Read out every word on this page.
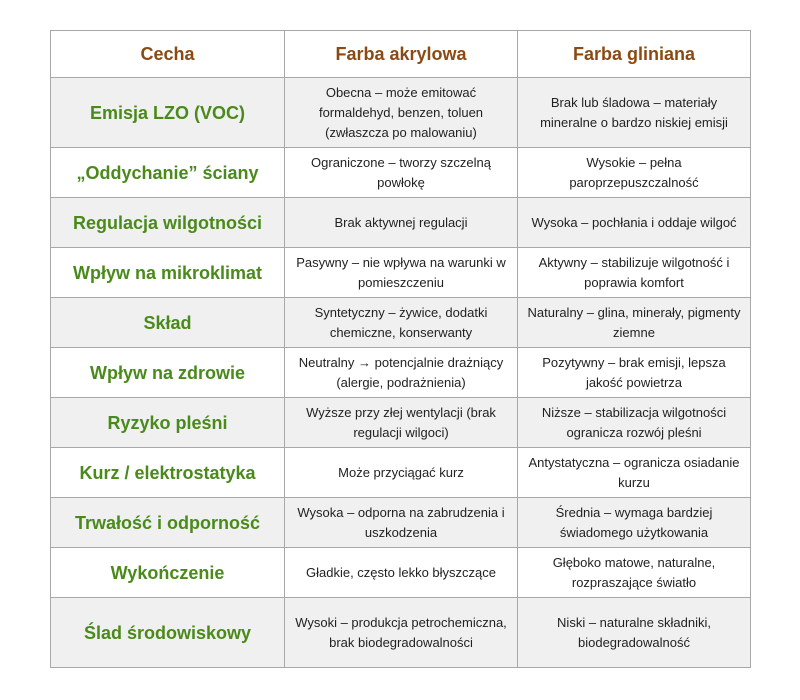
Cecha	Farba akrylowa	Farba gliniana
Emisja LZO (VOC)	Obecna – może emitować formaldehyd, benzen, toluen (zwłaszcza po malowaniu)	Brak lub śladowa – materiały mineralne o bardzo niskiej emisji
„Oddychanie” ściany	Ograniczone – tworzy szczelną powłokę	Wysokie – pełna paroprzepuszczalność
Regulacja wilgotności	Brak aktywnej regulacji	Wysoka – pochłania i oddaje wilgoć
Wpływ na mikroklimat	Pasywny – nie wpływa na warunki w pomieszczeniu	Aktywny – stabilizuje wilgotność i poprawia komfort
Skład	Syntetyczny – żywice, dodatki chemiczne, konserwanty	Naturalny – glina, minerały, pigmenty ziemne
Wpływ na zdrowie	Neutralny → potencjalnie drażniący (alergie, podrażnienia)	Pozytywny – brak emisji, lepsza jakość powietrza
Ryzyko pleśni	Wyższe przy złej wentylacji (brak regulacji wilgoci)	Niższe – stabilizacja wilgotności ogranicza rozwój pleśni
Kurz / elektrostatyka	Może przyciągać kurz	Antystatyczna – ogranicza osiadanie kurzu
Trwałość i odporność	Wysoka – odporna na zabrudzenia i uszkodzenia	Średnia – wymaga bardziej świadomego użytkowania
Wykończenie	Gładkie, często lekko błyszczące	Głęboko matowe, naturalne, rozpraszające światło
Ślad środowiskowy	Wysoki – produkcja petrochemiczna, brak biodegradowalności	Niski – naturalne składniki, biodegradowalność
